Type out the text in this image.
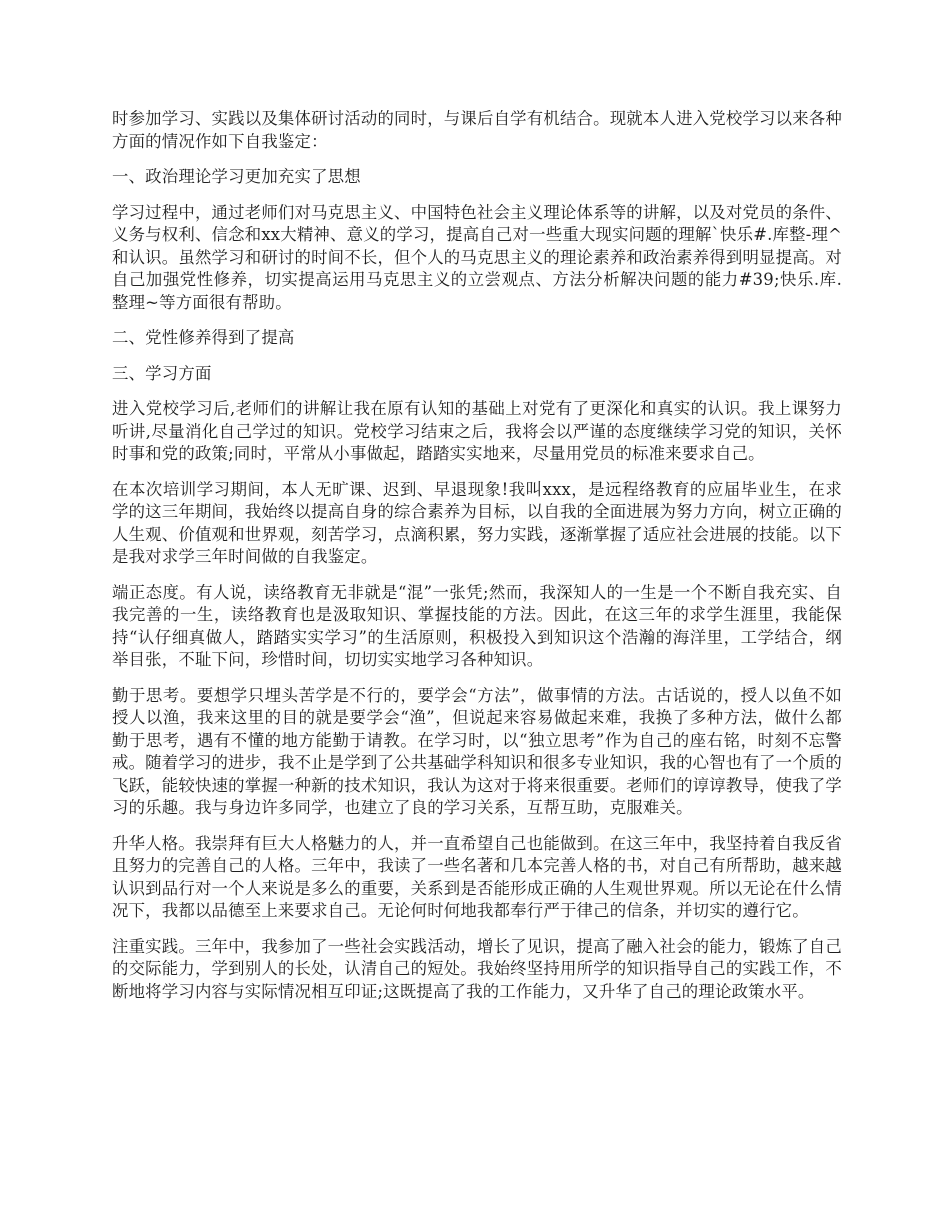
时参加学习、实践以及集体研讨活动的同时，与课后自学有机结合。现就本人进入党校学习以来各种方面的情况作如下自我鉴定：

一、政治理论学习更加充实了思想

学习过程中，通过老师们对马克思主义、中国特色社会主义理论体系等的讲解，以及对党员的条件、义务与权利、信念和xx大精神、意义的学习，提高自己对一些重大现实问题的理解`快乐#.库整-理^和认识。虽然学习和研讨的时间不长，但个人的马克思主义的理论素养和政治素养得到明显提高。对自己加强党性修养，切实提高运用马克思主义的立尝观点、方法分析解决问题的能力#39;快乐.库.整理~等方面很有帮助。

二、党性修养得到了提高

三、学习方面

进入党校学习后,老师们的讲解让我在原有认知的基础上对党有了更深化和真实的认识。我上课努力听讲,尽量消化自己学过的知识。党校学习结束之后，我将会以严谨的态度继续学习党的知识，关怀时事和党的政策;同时，平常从小事做起，踏踏实实地来，尽量用党员的标准来要求自己。

在本次培训学习期间，本人无旷课、迟到、早退现象!我叫xxx，是远程络教育的应届毕业生，在求学的这三年期间，我始终以提高自身的综合素养为目标，以自我的全面进展为努力方向，树立正确的人生观、价值观和世界观，刻苦学习，点滴积累，努力实践，逐渐掌握了适应社会进展的技能。以下是我对求学三年时间做的自我鉴定。

端正态度。有人说，读络教育无非就是“混”一张凭;然而，我深知人的一生是一个不断自我充实、自我完善的一生，读络教育也是汲取知识、掌握技能的方法。因此，在这三年的求学生涯里，我能保持“认仔细真做人，踏踏实实学习”的生活原则，积极投入到知识这个浩瀚的海洋里，工学结合，纲举目张，不耻下问，珍惜时间，切切实实地学习各种知识。

勤于思考。要想学只埋头苦学是不行的，要学会“方法”，做事情的方法。古话说的，授人以鱼不如授人以渔，我来这里的目的就是要学会“渔”，但说起来容易做起来难，我换了多种方法，做什么都勤于思考，遇有不懂的地方能勤于请教。在学习时，以“独立思考”作为自己的座右铭，时刻不忘警戒。随着学习的进步，我不止是学到了公共基础学科知识和很多专业知识，我的心智也有了一个质的飞跃，能较快速的掌握一种新的技术知识，我认为这对于将来很重要。老师们的谆谆教导，使我了学习的乐趣。我与身边许多同学，也建立了良的学习关系，互帮互助，克服难关。

升华人格。我崇拜有巨大人格魅力的人，并一直希望自己也能做到。在这三年中，我坚持着自我反省且努力的完善自己的人格。三年中，我读了一些名著和几本完善人格的书，对自己有所帮助，越来越认识到品行对一个人来说是多么的重要，关系到是否能形成正确的人生观世界观。所以无论在什么情况下，我都以品德至上来要求自己。无论何时何地我都奉行严于律己的信条，并切实的遵行它。

注重实践。三年中，我参加了一些社会实践活动，增长了见识，提高了融入社会的能力，锻炼了自己的交际能力，学到别人的长处，认清自己的短处。我始终坚持用所学的知识指导自己的实践工作，不断地将学习内容与实际情况相互印证;这既提高了我的工作能力，又升华了自己的理论政策水平。
